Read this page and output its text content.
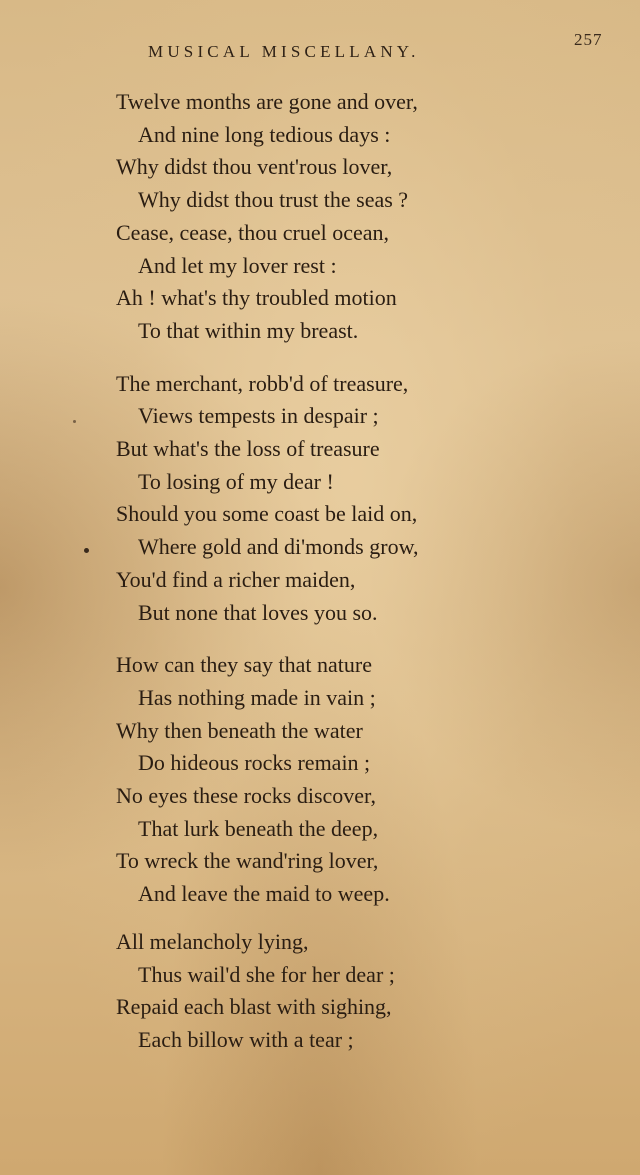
MUSICAL MISCELLANY.
257
Twelve months are gone and over,
And nine long tedious days :
Why didst thou vent'rous lover,
Why didst thou trust the seas ?
Cease, cease, thou cruel ocean,
And let my lover rest :
Ah ! what's thy troubled motion
To that within my breast.
The merchant, robb'd of treasure,
Views tempests in despair ;
But what's the loss of treasure
To losing of my dear !
Should you some coast be laid on,
Where gold and di'monds grow,
You'd find a richer maiden,
But none that loves you so.
How can they say that nature
Has nothing made in vain ;
Why then beneath the water
Do hideous rocks remain ;
No eyes these rocks discover,
That lurk beneath the deep,
To wreck the wand'ring lover,
And leave the maid to weep.
All melancholy lying,
Thus wail'd she for her dear ;
Repaid each blast with sighing,
Each billow with a tear ;
